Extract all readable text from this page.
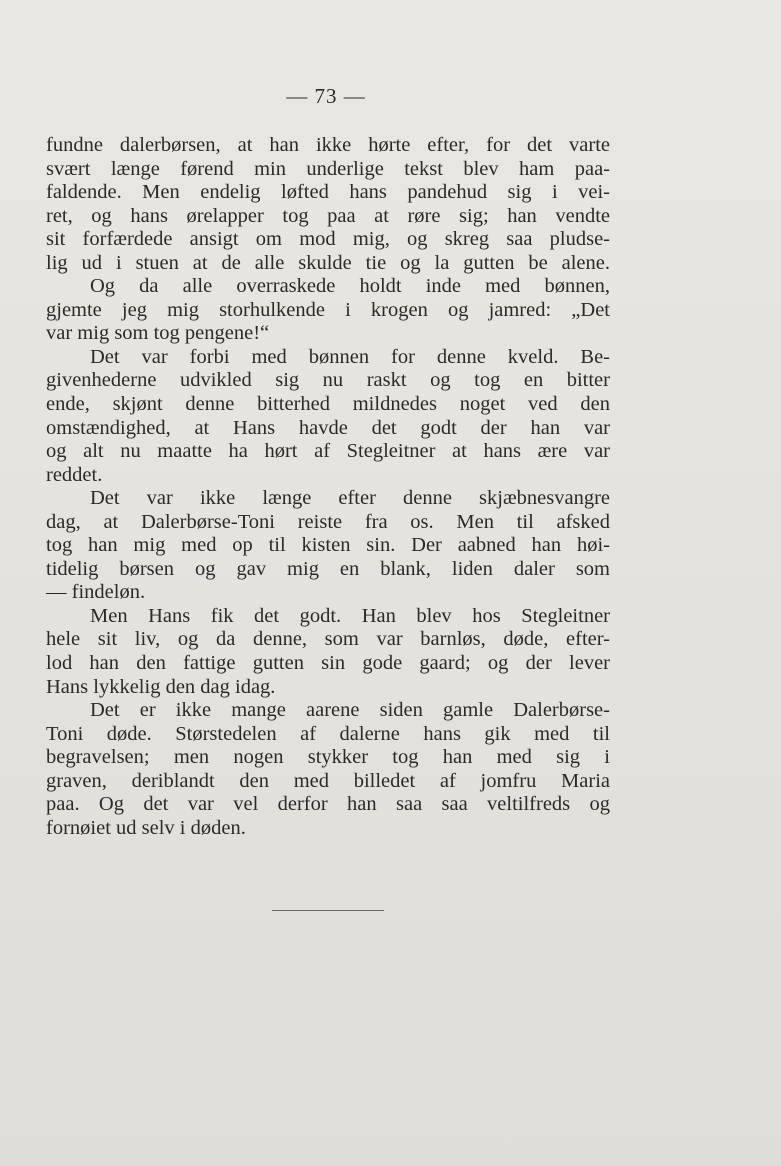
— 73 —
fundne dalerbørsen, at han ikke hørte efter, for det varte
svært længe førend min underlige tekst blev ham paa-
faldende. Men endelig løfted hans pandehud sig i vei-
ret, og hans ørelapper tog paa at røre sig; han vendte
sit forfærdede ansigt om mod mig, og skreg saa pludse-
lig ud i stuen at de alle skulde tie og la gutten be alene.
Og da alle overraskede holdt inde med bønnen,
gjemte jeg mig storhulkende i krogen og jamred: „Det
var mig som tog pengene!“
Det var forbi med bønnen for denne kveld. Be-
givenhederne udvikled sig nu raskt og tog en bitter
ende, skjønt denne bitterhed mildnedes noget ved den
omstændighed, at Hans havde det godt der han var
og alt nu maatte ha hørt af Stegleitner at hans ære var
reddet.
Det var ikke længe efter denne skjæbnesvangre
dag, at Dalerbørse-Toni reiste fra os. Men til afsked
tog han mig med op til kisten sin. Der aabned han høi-
tidelig børsen og gav mig en blank, liden daler som
— findeløn.
Men Hans fik det godt. Han blev hos Stegleitner
hele sit liv, og da denne, som var barnløs, døde, efter-
lod han den fattige gutten sin gode gaard; og der lever
Hans lykkelig den dag idag.
Det er ikke mange aarene siden gamle Dalerbørse-
Toni døde. Størstedelen af dalerne hans gik med til
begravelsen; men nogen stykker tog han med sig i
graven, deriblandt den med billedet af jomfru Maria
paa. Og det var vel derfor han saa saa veltilfreds og
fornøiet ud selv i døden.
